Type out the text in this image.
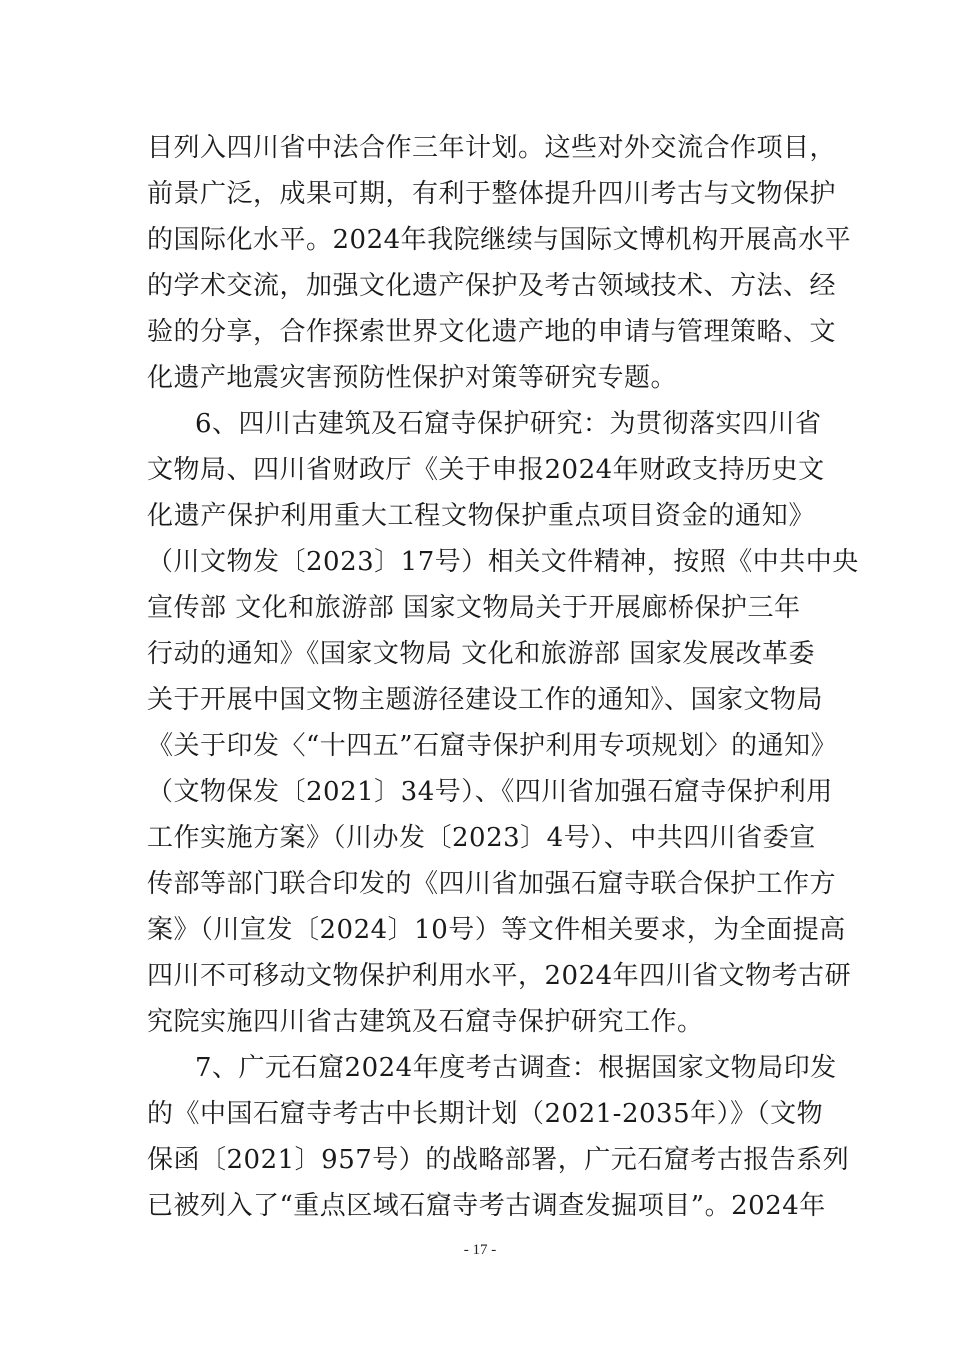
目列入四川省中法合作三年计划。这些对外交流合作项目，
前景广泛，成果可期，有利于整体提升四川考古与文物保护
的国际化水平。2024年我院继续与国际文博机构开展高水平
的学术交流，加强文化遗产保护及考古领域技术、方法、经
验的分享，合作探索世界文化遗产地的申请与管理策略、文
化遗产地震灾害预防性保护对策等研究专题。
6、四川古建筑及石窟寺保护研究：为贯彻落实四川省
文物局、四川省财政厅《关于申报2024年财政支持历史文
化遗产保护利用重大工程文物保护重点项目资金的通知》
（川文物发〔2023〕17号）相关文件精神，按照《中共中央
宣传部 文化和旅游部 国家文物局关于开展廊桥保护三年
行动的通知》《国家文物局 文化和旅游部 国家发展改革委
关于开展中国文物主题游径建设工作的通知》、国家文物局
《关于印发〈“十四五”石窟寺保护利用专项规划〉的通知》
（文物保发〔2021〕34号）、《四川省加强石窟寺保护利用
工作实施方案》（川办发〔2023〕4号）、中共四川省委宣
传部等部门联合印发的《四川省加强石窟寺联合保护工作方
案》（川宣发〔2024〕10号）等文件相关要求，为全面提高
四川不可移动文物保护利用水平，2024年四川省文物考古研
究院实施四川省古建筑及石窟寺保护研究工作。
7、广元石窟2024年度考古调查：根据国家文物局印发
的《中国石窟寺考古中长期计划（2021-2035年）》（文物
保函〔2021〕957号）的战略部署，广元石窟考古报告系列
已被列入了“重点区域石窟寺考古调查发掘项目”。2024年
- 17 -
